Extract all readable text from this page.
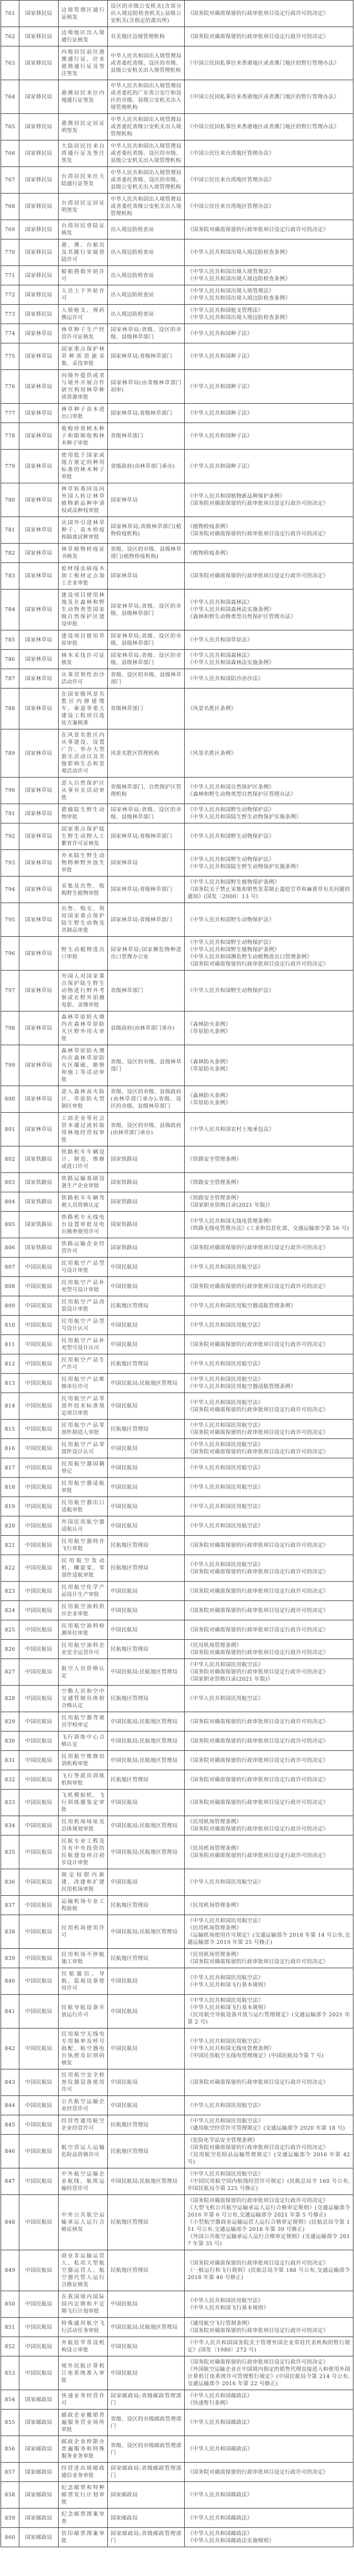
761	国家移民局	边境管理区通行证核发	设区的市级公安机关(含部分出入境边防检查机关);县级公安机关(含指定的派出所)	《国务院对确需保留的行政审批项目设定行政许可的决定》

762	国家移民局	边境地区出入境通行证核发	有关地区边境管理机构	《国务院对确需保留的行政审批项目设定行政许可的决定》

763	国家移民局	内地居民前往港澳通行证、往来港澳通行证及签注签发	中华人民共和国出入境管理局或者委托省级、设区的市级、县级公安机关出入境管理机构	《中国公民因私事往来香港地区或者澳门地区的暂行管理办法》

764	国家移民局	港澳居民来往内地通行证签发	中华人民共和国出入境管理局或者委托的广东省公安厅和设区的市级、县级公安机关出入境管理机构	《中国公民因私事往来香港地区或者澳门地区的暂行管理办法》

765	国家移民局	港澳居民定居证明签发	中华人民共和国出入境管理局或者委托省级公安机关出入境管理机构	《中国公民因私事往来香港地区或者澳门地区的暂行管理办法》

766	国家移民局	大陆居民往来台湾通行证及签注签发	中华人民共和国出入境管理局或者委托省级、设区的市级、县级公安机关出入境管理机构	《中国公民往来台湾地区管理办法》

767	国家移民局	台湾居民来往大陆通行证签发	中华人民共和国出入境管理局或者委托省级、设区的市级、县级公安机关出入境管理机构	《中国公民往来台湾地区管理办法》

768	国家移民局	台湾居民定居证明签发	中华人民共和国出入境管理局或者委托省级公安机关出入境管理机构	《中国公民往来台湾地区管理办法》

769	国家移民局	台湾居民登陆证核发	出入境边防检查站	《国务院对确需保留的行政审批项目设定行政许可的决定》

770	国家移民局	港、澳、台船员及其随行家属登陆许可	出入境边防检查站	《中华人民共和国出境入境边防检查条例》

771	国家移民局	船舶搭载外轮许可	出入境边防检查站	《中华人民共和国出境入境管理法》
《中华人民共和国出境入境边防检查条例》

772	国家移民局	人员上下外轮许可	出入境边防检查站	《中华人民共和国出境入境管理法》
《中华人民共和国出境入境边防检查条例》

773	国家移民局	入境枪支、弹药携运许可	出入境边防检查站	《中华人民共和国枪支管理法》
《中华人民共和国出境入境边防检查条例》

774	国家林草局	林草种子生产经营许可证核发	国家林草局;省级、设区的市级、县级林草部门	《中华人民共和国种子法》

775	国家林草局	国家重点保护林草种质资源采集、采伐审批	国家林草局;省级林草部门	《中华人民共和国种子法》

776	国家林草局	向境外提供或者与境外开展合作研究利用林草种质资源审批	国家林草局(由省级林草部门初审)	《中华人民共和国种子法》

777	国家林草局	林草种子苗木进出口审批	国家林草局;省级林草部门	《中华人民共和国种子法》

778	国家林草局	收购珍贵树木种子和限制收购林木种子审批	省级林草部门	《中华人民共和国种子法》

779	国家林草局	使用低于国家或地方规定的种用标准的林木种子审批	省级政府(由林草部门承办)	《中华人民共和国种子法》

780	国家林草局	林草转基因及向外国人转让林草植物新品种申请权或品种权审批	国家林草局	《中华人民共和国植物新品种保护条例》
《国务院对确需保留的行政审批项目设定行政许可的决定》

781	国家林草局	从国外引进林草种子、苗木检疫和隔离试种审批	国家林草局;省级林草部门(植物检疫机构)	《植物检疫条例》
《国务院对确需保留的行政审批项目设定行政许可的决定》

782	国家林草局	林草植物检疫证书核发	省级、设区的市级、县级林草部门(植物检疫机构)	《植物检疫条例》

783	国家林草局	松材线虫病疫木加工板材定点加工企业审批	国家林草局	《国务院对确需保留的行政审批项目设定行政许可的决定》

784	国家林草局	建设项目使用林地及在森林和野生动物类型国家级自然保护区建设审批	国家林草局;省级、设区的市级、县级林草部门	《中华人民共和国森林法》
《中华人民共和国森林法实施条例》
《森林和野生动物类型自然保护区管理办法》

785	国家林草局	建设项目使用草原审批	国家林草局;省级、设区的市级、县级林草部门	《中华人民共和国草原法》

786	国家林草局	林木采伐许可证核发	国家林草局;省级、设区的市级、县级林草部门	《中华人民共和国森林法》
《中华人民共和国森林法实施条例》

787	国家林草局	从事营利性治沙活动许可	省级、设区的市级、县级林草部门	《中华人民共和国防沙治沙法》

788	国家林草局	在国家级风景名胜区内修建缆车、索道等重大建设工程项目选址方案核准	省级林草部门	《风景名胜区条例》

789	国家林草局	在风景名胜区内从事建设、设置广告、举办大型游乐活动以及其他影响生态和景观活动许可	风景名胜区管理机构	《风景名胜区条例》

790	国家林草局	进入自然保护区从事有关活动审批	省级林草部门、自然保护区管理机构	《中华人民共和国自然保护区条例》
《森林和野生动物类型自然保护区管理办法》

791	国家林草局	猎捕陆生野生动物审批	国家林草局;省级、设区的市级、县级林草部门	《中华人民共和国野生动物保护法》
《中华人民共和国陆生野生动物保护实施条例》

792	国家林草局	国家重点保护陆生野生动物人工繁育许可证核发	国家林草局;省级林草部门	《中华人民共和国野生动物保护法》

793	国家林草局	外来陆生野生动物物种野外放生审批	国家林草局	《中华人民共和国野生动物保护法》
《中华人民共和国陆生野生动物保护实施条例》

794	国家林草局	采集及出售、收购野生植物审批	国家林草局;省级林草部门	《中华人民共和国野生植物保护条例》
《国务院关于禁止采集和销售发菜制止滥挖甘草和麻黄草有关问题的通知》(国发〔2000〕13 号)

795	国家林草局	出售、购买、利用国家重点保护陆生野生动物及其制品审批	国家林草局;省级林草部门	《中华人民共和国野生动物保护法》

796	国家林草局	野生动植物进出口审批	国家林草局;国家濒危物种进出口管理办公室	《中华人民共和国野生动物保护法》
《中华人民共和国野生植物保护条例》
《中华人民共和国濒危野生动植物进出口管理条例》
《国务院对确需保留的行政审批项目设定行政许可的决定》

797	国家林草局	外国人对国家重点保护陆生野生动物进行野外考察或在野外拍摄电影、录像审批	省级林草部门	《中华人民共和国野生动物保护法》

798	国家林草局	森林草原防火期内在森林草原防火区野外用火审批	县级政府(由林草部门承办)	《森林防火条例》
《草原防火条例》

799	国家林草局	森林草原防火期内在森林草原防火区爆破、勘察和施工等活动审批	省级、设区的市级、县级林草部门	《森林防火条例》
《草原防火条例》

800	国家林草局	进入森林高火险区、草原防火管制区审批	省级、设区的市级、县级政府(由林草部门承办);省级、设区的市级、县级林草部门	《森林防火条例》
《草原防火条例》

801	国家林草局	工商企业等社会资本通过流转取得林地经营权审批	省级、设区的市级、县级政府(由林草部门承办)	《中华人民共和国农村土地承包法》

802	国家铁路局	铁路机车车辆设计、制造、维修或进口许可	国家铁路局	《铁路安全管理条例》

803	国家铁路局	铁路运输基础设备生产企业审批	国家铁路局	《铁路安全管理条例》

804	国家铁路局	铁路机车车辆驾驶人员资格认定	国家铁路局	《铁路安全管理条例》
《国家职业资格目录(2021 年版)》

805	国家铁路局	铁路机车无线电台设置审批及电台频率使用许可	国家铁路局	《中华人民共和国无线电管理条例》
《铁路无线电管理办法》(工业和信息化部、交通运输部令第 56 号)

806	国家铁路局	铁路运输企业经营许可	国家铁路局	《国务院对确需保留的行政审批项目设定行政许可的决定》

807	中国民航局	民用航空产品型号设计审批	中国民航局	《中华人民共和国民用航空法》

808	中国民航局	民用航空产品补充型号设计审批	中国民航局	《国务院对确需保留的行政审批项目设定行政许可的决定》

809	中国民航局	民用航空产品改装设计审批	民航地区管理局	《中华人民共和国民用航空器适航管理条例》

810	中国民航局	民用航空产品型号设计认可	中国民航局	《中华人民共和国民用航空法》

811	中国民航局	民用航空产品补充型号设计认可	中国民航局	《国务院对确需保留的行政审批项目设定行政许可的决定》

812	中国民航局	民用航空产品生产许可	民航地区管理局	《中华人民共和国民用航空法》

813	中国民航局	民用航空产品维修单位许可	中国民航局;民航地区管理局	《中华人民共和国民用航空法》
《中华人民共和国民用航空器适航管理条例》

814	中国民航局	民用航空产品零部件技术标准规定项目审批	中国民航局	《中华人民共和国民用航空法》
《国务院对确需保留的行政审批项目设定行政许可的决定》

815	中国民航局	民用航空产品零部件制造人审批	民航地区管理局	《中华人民共和国民用航空法》
《国务院对确需保留的行政审批项目设定行政许可的决定》

816	中国民航局	民用航空产品零部件设计认可	中国民航局	《中华人民共和国民用航空法》
《国务院对确需保留的行政审批项目设定行政许可的决定》

817	中国民航局	民用航空器国籍登记	中国民航局	《中华人民共和国民用航空法》

818	中国民航局	民用航空器适航审批	中国民航局	《中华人民共和国民用航空法》

819	中国民航局	民用航空器出口适航审批	中国民航局	《中华人民共和国民用航空法》

820	中国民航局	外国民用航空器适航认可	中国民航局	《中华人民共和国民用航空法》

821	中国民航局	民用航空器特许飞行审批	民航地区管理局	《国务院对确需保留的行政审批项目设定行政许可的决定》

822	中国民航局	民用航空发动机、螺旋桨、零部件适航审批	民航地区管理局	《中华人民共和国民用航空法》
《国务院对确需保留的行政审批项目设定行政许可的决定》

823	中国民航局	民用航空化学产品设计生产审批	中国民航局	《国务院对确需保留的行政审批项目设定行政许可的决定》

824	中国民航局	民用航空油料供应企业审批	中国民航局	《国务院对确需保留的行政审批项目设定行政许可的决定》

825	中国民航局	民用航空油料检测单位审批	中国民航局	《国务院对确需保留的行政审批项目设定行政许可的决定》

826	中国民航局	民用航空油料企业安全运营许可	民航地区管理局	《民用机场管理条例》
《国务院对确需保留的行政审批项目设定行政许可的决定》

827	中国民航局	航空人员资格认定	中国民航局;民航地区管理局	《中华人民共和国民用航空法》
《国务院对确需保留的行政审批项目设定行政许可的决定》
《国家职业资格目录(2021 年版)》

828	中国民航局	空勤人员和空中交通管制员体检合格认定	民航地区管理局	《中华人民共和国民用航空法》

829	中国民航局	民用航空器驾驶员学校审定	中国民航局;民航地区管理局	《国务院对确需保留的行政审批项目设定行政许可的决定》

830	中国民航局	飞行训练中心合格认定	中国民航局;民航地区管理局	《国务院对确需保留的行政审批项目设定行政许可的决定》

831	中国民航局	民用航空维修培训机构审批	中国民航局;民航地区管理局	《国务院对确需保留的行政审批项目设定行政许可的决定》

832	中国民航局	飞行签派员训练机构审批	民航地区管理局	《国务院对确需保留的行政审批项目设定行政许可的决定》

833	中国民航局	飞机模拟机、飞行训练器鉴定审批	中国民航局	《国务院对确需保留的行政审批项目设定行政许可的决定》

834	中国民航局	民用机场场址及总体规划审批	中国民航局;民航地区管理局	《民用机场管理条例》
《国务院对确需保留的行政审批项目设定行政许可的决定》

835	中国民航局	民航专业工程及含有中央投资的民航建设项目初步设计审批	中国民航局;民航地区管理局	《民用机场管理条例》
《国务院对确需保留的行政审批项目设定行政许可的决定》

836	中国民航局	规定权限内新建、改建和扩建民用机场审批	中国民航局	《中华人民共和国民用航空法》

837	中国民航局	运输机场专业工程验收	民航地区管理局	《民用机场管理条例》

838	中国民航局	民用机场使用许可	中国民航局;民航地区管理局	《中华人民共和国民用航空法》
《民用机场管理条例》
《运输机场使用许可规定》(交通运输部令 2018 年第 14 号公布,交通运输部令 2019 年第 25 号修正)

839	中国民航局	民用机场不停航施工审批	民航地区管理局	《民用机场管理条例》
《国务院对确需保留的行政审批项目设定行政许可的决定》

840	中国民航局	民航通信、导航、监视设备使用许可	中国民航局	《中华人民共和国民用航空法》
《中华人民共和国飞行基本规则》

841	中国民航局	民航导航设备开放运行许可	中国民航局	《中华人民共和国民用航空法》
《中华人民共和国飞行基本规则》
《民用航空导航设备开放与运行管理规定》(交通运输部令 2021 年第 2 号)

842	中国民航局	民用航空无线电专用频率及呼号指配、航空器电台执照及识别码核发	中国民航局	《中华人民共和国民用航空法》
《中华人民共和国无线电管理条例》
《中国民用航空无线电管理规定》(中国民航局令第 7 号)

843	中国民航局	民用航空安全检查仪器设备使用许可	中国民航局	《国务院对确需保留的行政审批项目设定行政许可的决定》

844	中国民航局	公共航空运输企业经营许可	中国民航局	《中华人民共和国民用航空法》

845	中国民航局	经营性通用航空企业经营许可	民航地区管理局	《中华人民共和国民用航空法》
《通用航空经营许可管理规定》(交通运输部令 2020 年第 18 号)

846	中国民航局	航空营运人运输危险品资格许可	民航地区管理局	《危险化学品安全管理条例》
《国务院对确需保留的行政审批项目设定行政许可的决定》
《民用航空危险品运输管理规定》(交通运输部令 2016 年第 42 号)

847	中国民航局	中外航空运输企业航线、航班运输经营许可	中国民航局;民航地区管理局	《中华人民共和国民用航空法》
《中国民用航空国内航线经营许可规定》(民航总局令 160 号公布,中国民航局令第 225 号修正)

848	中国民航局	中外公共航空运输承运人运行合格证核发	民航地区管理局	《国务院对确需保留的行政审批项目设定行政许可的决定》
《大型飞机公共航空运输承运人运行合格审定规则》(交通运输部令 2016 年第 6 号公布,交通运输部令 2021 年第 5 号修正)
《小型航空器商业运输运营人运行合格审定规则》(民航总局令第 151 号公布,交通运输部令 2018 年第 39 号修正)
《外国公共航空运输承运人运行合格审定规则》(交通运输部令 2017 年第 35 号)

849	中国民航局	商业非运输运营人、私用大型航空器运营人、航空器代管人运行合格证核发	民航地区管理局	《国务院对确需保留的行政审批项目设定行政许可的决定》
《一般运行和飞行规则》(民航总局令第 188 号公布,交通运输部令 2018 年第 40 号修正)

850	中国民航局	在我国境内国际国内定期和不定期飞行计划审批	中国民航局	《中华人民共和国民用航空法》
《中华人民共和国飞行基本规则》

851	中国民航局	特殊通用航空飞行活动任务审批	中国民航局;民航地区管理局	《通用航空飞行管制条例》
《国务院对确需保留的行政审批项目设定行政许可的决定》

852	中国民航局	外航驻华常设机构设立审批	中国民航局	《中华人民共和国国务院关于管理外国企业常驻代表机构的暂行规定》(国发〔1980〕272 号)

853	中国民航局	境外民航计算机订座系统准入审批	中国民航局	《国务院对确需保留的行政审批项目设定行政许可的决定》
《外国航空运输企业在中国境内指定的销售代理直接进入和使用外国计算机订座系统许可管理暂行规定》(中国民航局令第 214 号公布,交通运输部令 2016 年第 22 号修正)

854	国家邮政局	快递业务经营许可	国家邮政局;省级邮政管理部门	《中华人民共和国邮政法》
《快递暂行条例》

855	国家邮政局	邮政企业撤销普遍服务营业场所审批	省级、设区的市级邮政管理部门	《中华人民共和国邮政法》

856	国家邮政局	邮政企业停限办普遍服务和特殊服务业务审批	省级、设区的市级邮政管理部门	《中华人民共和国邮政法》

857	国家邮政局	经营进出境邮政通信业务审批	国家邮政局;省级邮政管理部门	《国务院对确需保留的行政审批项目设定行政许可的决定》

858	国家邮政局	纪念邮票和特种邮票发行计划审批	国家邮政局	《中华人民共和国邮政法》

859	国家邮政局	纪念邮票图案审查	国家邮政局	《中华人民共和国邮政法》

860	国家邮政局	仿印邮票图案审批	国家邮政局;省级邮政管理部门	《中华人民共和国邮政法》
《中华人民共和国邮政法实施细则》
